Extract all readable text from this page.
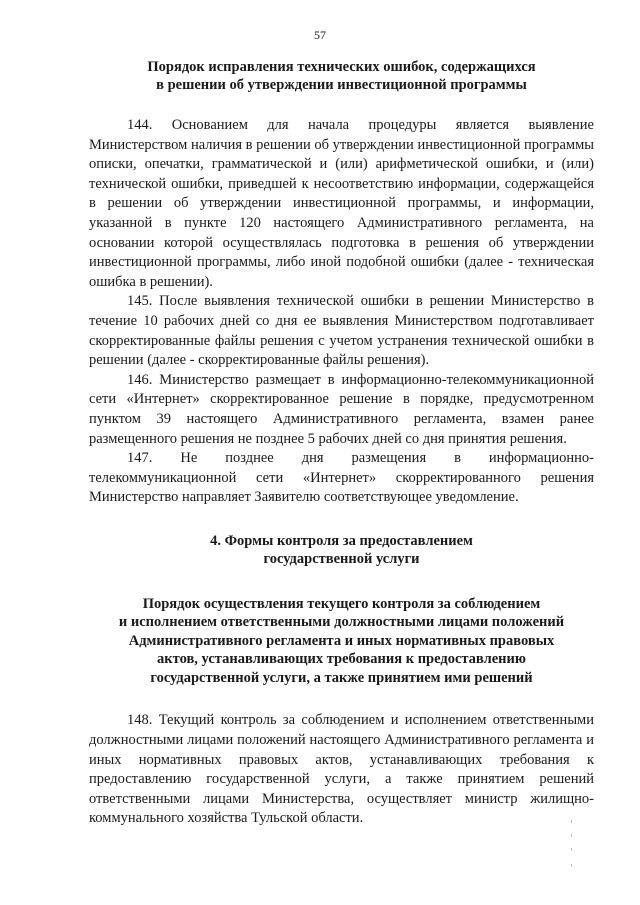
57
Порядок исправления технических ошибок, содержащихся
в решении об утверждении инвестиционной программы

144. Основанием для начала процедуры является выявление Министерством наличия в решении об утверждении инвестиционной программы описки, опечатки, грамматической и (или) арифметической ошибки, и (или) технической ошибки, приведшей к несоответствию информации, содержащейся в решении об утверждении инвестиционной программы, и информации, указанной в пункте 120 настоящего Административного регламента, на основании которой осуществлялась подготовка в решения об утверждении инвестиционной программы, либо иной подобной ошибки (далее - техническая ошибка в решении).

145. После выявления технической ошибки в решении Министерство в течение 10 рабочих дней со дня ее выявления Министерством подготавливает скорректированные файлы решения с учетом устранения технической ошибки в решении (далее - скорректированные файлы решения).

146. Министерство размещает в информационно-телекоммуникационной сети «Интернет» скорректированное решение в порядке, предусмотренном пунктом 39 настоящего Административного регламента, взамен ранее размещенного решения не позднее 5 рабочих дней со дня принятия решения.

147. Не позднее дня размещения в информационно-телекоммуникационной сети «Интернет» скорректированного решения Министерство направляет Заявителю соответствующее уведомление.

4. Формы контроля за предоставлением
государственной услуги
Порядок осуществления текущего контроля за соблюдением
и исполнением ответственными должностными лицами положений
Административного регламента и иных нормативных правовых
актов, устанавливающих требования к предоставлению
государственной услуги, а также принятием ими решений

148. Текущий контроль за соблюдением и исполнением ответственными должностными лицами положений настоящего Административного регламента и иных нормативных правовых актов, устанавливающих требования к предоставлению государственной услуги, а также принятием решений ответственными лицами Министерства, осуществляет министр жилищно-коммунального хозяйства Тульской области.
